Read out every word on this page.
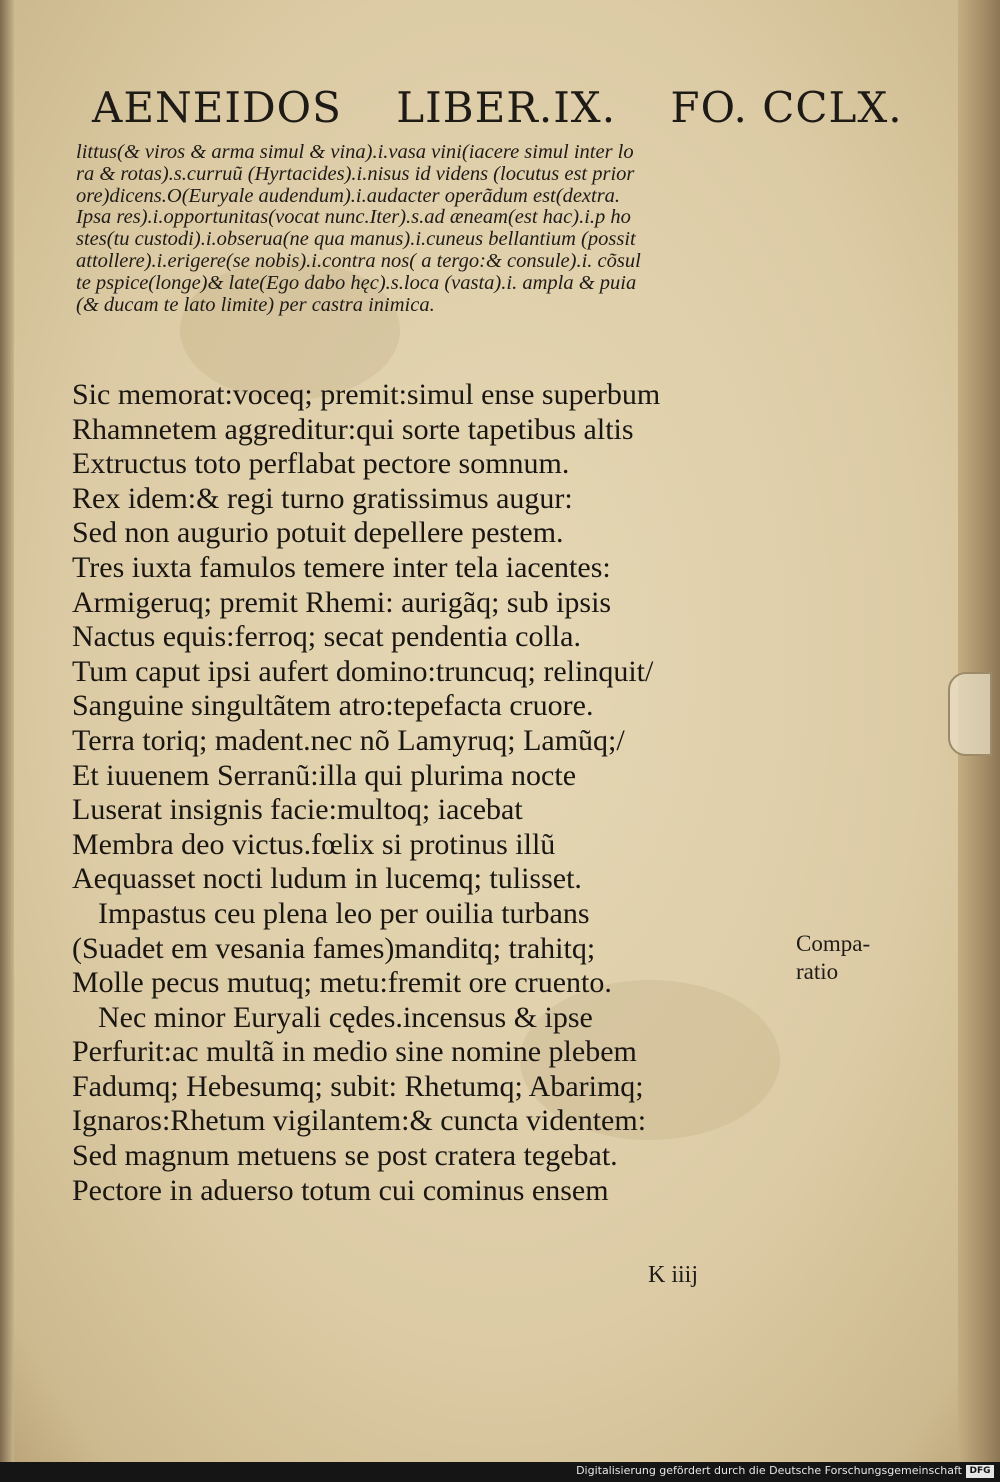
AENEIDOS LIBER.IX. FO. CCLX.
littus(& viros & arma simul & vina).i.vasa vini(iacere simul inter lo
ra & rotas).s.curruũ (Hyrtacides).i.nisus id videns (locutus est prior
ore)dicens.O(Euryale audendum).i.audacter operãdum est(dextra.
Ipsa res).i.opportunitas(vocat nunc.Iter).s.ad æneam(est hac).i.p ho
stes(tu custodi).i.obserua(ne qua manus).i.cuneus bellantium (possit
attollere).i.erigere(se nobis).i.contra nos( a tergo:& consule).i. cõsul
te pspice(longe)& late(Ego dabo hęc).s.loca (vasta).i. ampla & puia
(& ducam te lato limite) per castra inimica.
Sic memorat:voceq; premit:simul ense superbum
Rhamnetem aggreditur:qui sorte tapetibus altis
Extructus toto perflabat pectore somnum.
Rex idem:& regi turno gratissimus augur:
Sed non augurio potuit depellere pestem.
Tres iuxta famulos temere inter tela iacentes:
Armigeruq; premit Rhemi: aurigãq; sub ipsis
Nactus equis:ferroq; secat pendentia colla.
Tum caput ipsi aufert domino:truncuq; relinquit/
Sanguine singultãtem atro:tepefacta cruore.
Terra toriq; madent.nec nõ Lamyruq; Lamũq;/
Et iuuenem Serranũ:illa qui plurima nocte
Luserat insignis facie:multoq; iacebat
Membra deo victus.fœlix si protinus illũ
Aequasset nocti ludum in lucemq; tulisset.
Impastus ceu plena leo per ouilia turbans
(Suadet em vesania fames)manditq; trahitq;
Molle pecus mutuq; metu:fremit ore cruento.
Nec minor Euryali cędes.incensus & ipse
Perfurit:ac multã in medio sine nomine plebem
Fadumq; Hebesumq; subit: Rhetumq; Abarimq;
Ignaros:Rhetum vigilantem:& cuncta videntem:
Sed magnum metuens se post cratera tegebat.
Pectore in aduerso totum cui cominus ensem
Compa-
ratio
K iiij
Digitalisierung gefördert durch die Deutsche Forschungsgemeinschaft DFG
